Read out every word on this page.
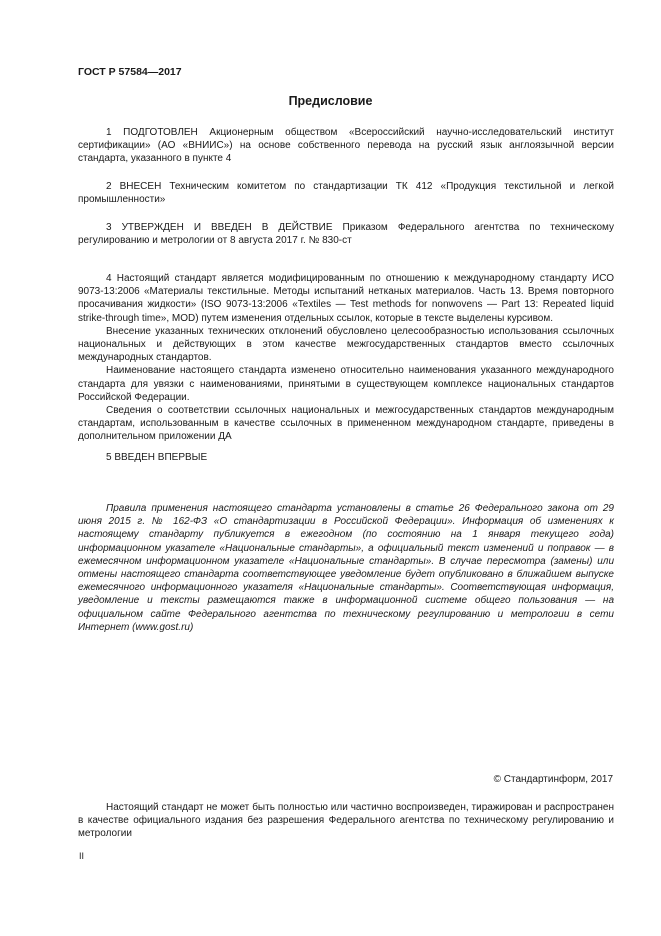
ГОСТ Р 57584—2017
Предисловие

1 ПОДГОТОВЛЕН Акционерным обществом «Всероссийский научно-исследовательский институт сертификации» (АО «ВНИИС») на основе собственного перевода на русский язык англоязычной версии стандарта, указанного в пункте 4

2 ВНЕСЕН Техническим комитетом по стандартизации ТК 412 «Продукция текстильной и легкой промышленности»

3 УТВЕРЖДЕН И ВВЕДЕН В ДЕЙСТВИЕ Приказом Федерального агентства по техническому регулированию и метрологии от 8 августа 2017 г. № 830-ст

4 Настоящий стандарт является модифицированным по отношению к международному стандарту ИСО 9073-13:2006 «Материалы текстильные. Методы испытаний нетканых материалов. Часть 13. Время повторного просачивания жидкости» (ISO 9073-13:2006 «Textiles — Test methods for nonwovens — Part 13: Repeated liquid strike-through time», MOD) путем изменения отдельных ссылок, которые в тексте выделены курсивом.

Внесение указанных технических отклонений обусловлено целесообразностью использования ссылочных национальных и действующих в этом качестве межгосударственных стандартов вместо ссылочных международных стандартов.

Наименование настоящего стандарта изменено относительно наименования указанного международного стандарта для увязки с наименованиями, принятыми в существующем комплексе национальных стандартов Российской Федерации.

Сведения о соответствии ссылочных национальных и межгосударственных стандартов международным стандартам, использованным в качестве ссылочных в примененном международном стандарте, приведены в дополнительном приложении ДА

5 ВВЕДЕН ВПЕРВЫЕ

Правила применения настоящего стандарта установлены в статье 26 Федерального закона от 29 июня 2015 г. № 162-ФЗ «О стандартизации в Российской Федерации». Информация об изменениях к настоящему стандарту публикуется в ежегодном (по состоянию на 1 января текущего года) информационном указателе «Национальные стандарты», а официальный текст изменений и поправок — в ежемесячном информационном указателе «Национальные стандарты». В случае пересмотра (замены) или отмены настоящего стандарта соответствующее уведомление будет опубликовано в ближайшем выпуске ежемесячного информационного указателя «Национальные стандарты». Соответствующая информация, уведомление и тексты размещаются также в информационной системе общего пользования — на официальном сайте Федерального агентства по техническому регулированию и метрологии в сети Интернет (www.gost.ru)

© Стандартинформ, 2017

Настоящий стандарт не может быть полностью или частично воспроизведен, тиражирован и распространен в качестве официального издания без разрешения Федерального агентства по техническому регулированию и метрологии

II
